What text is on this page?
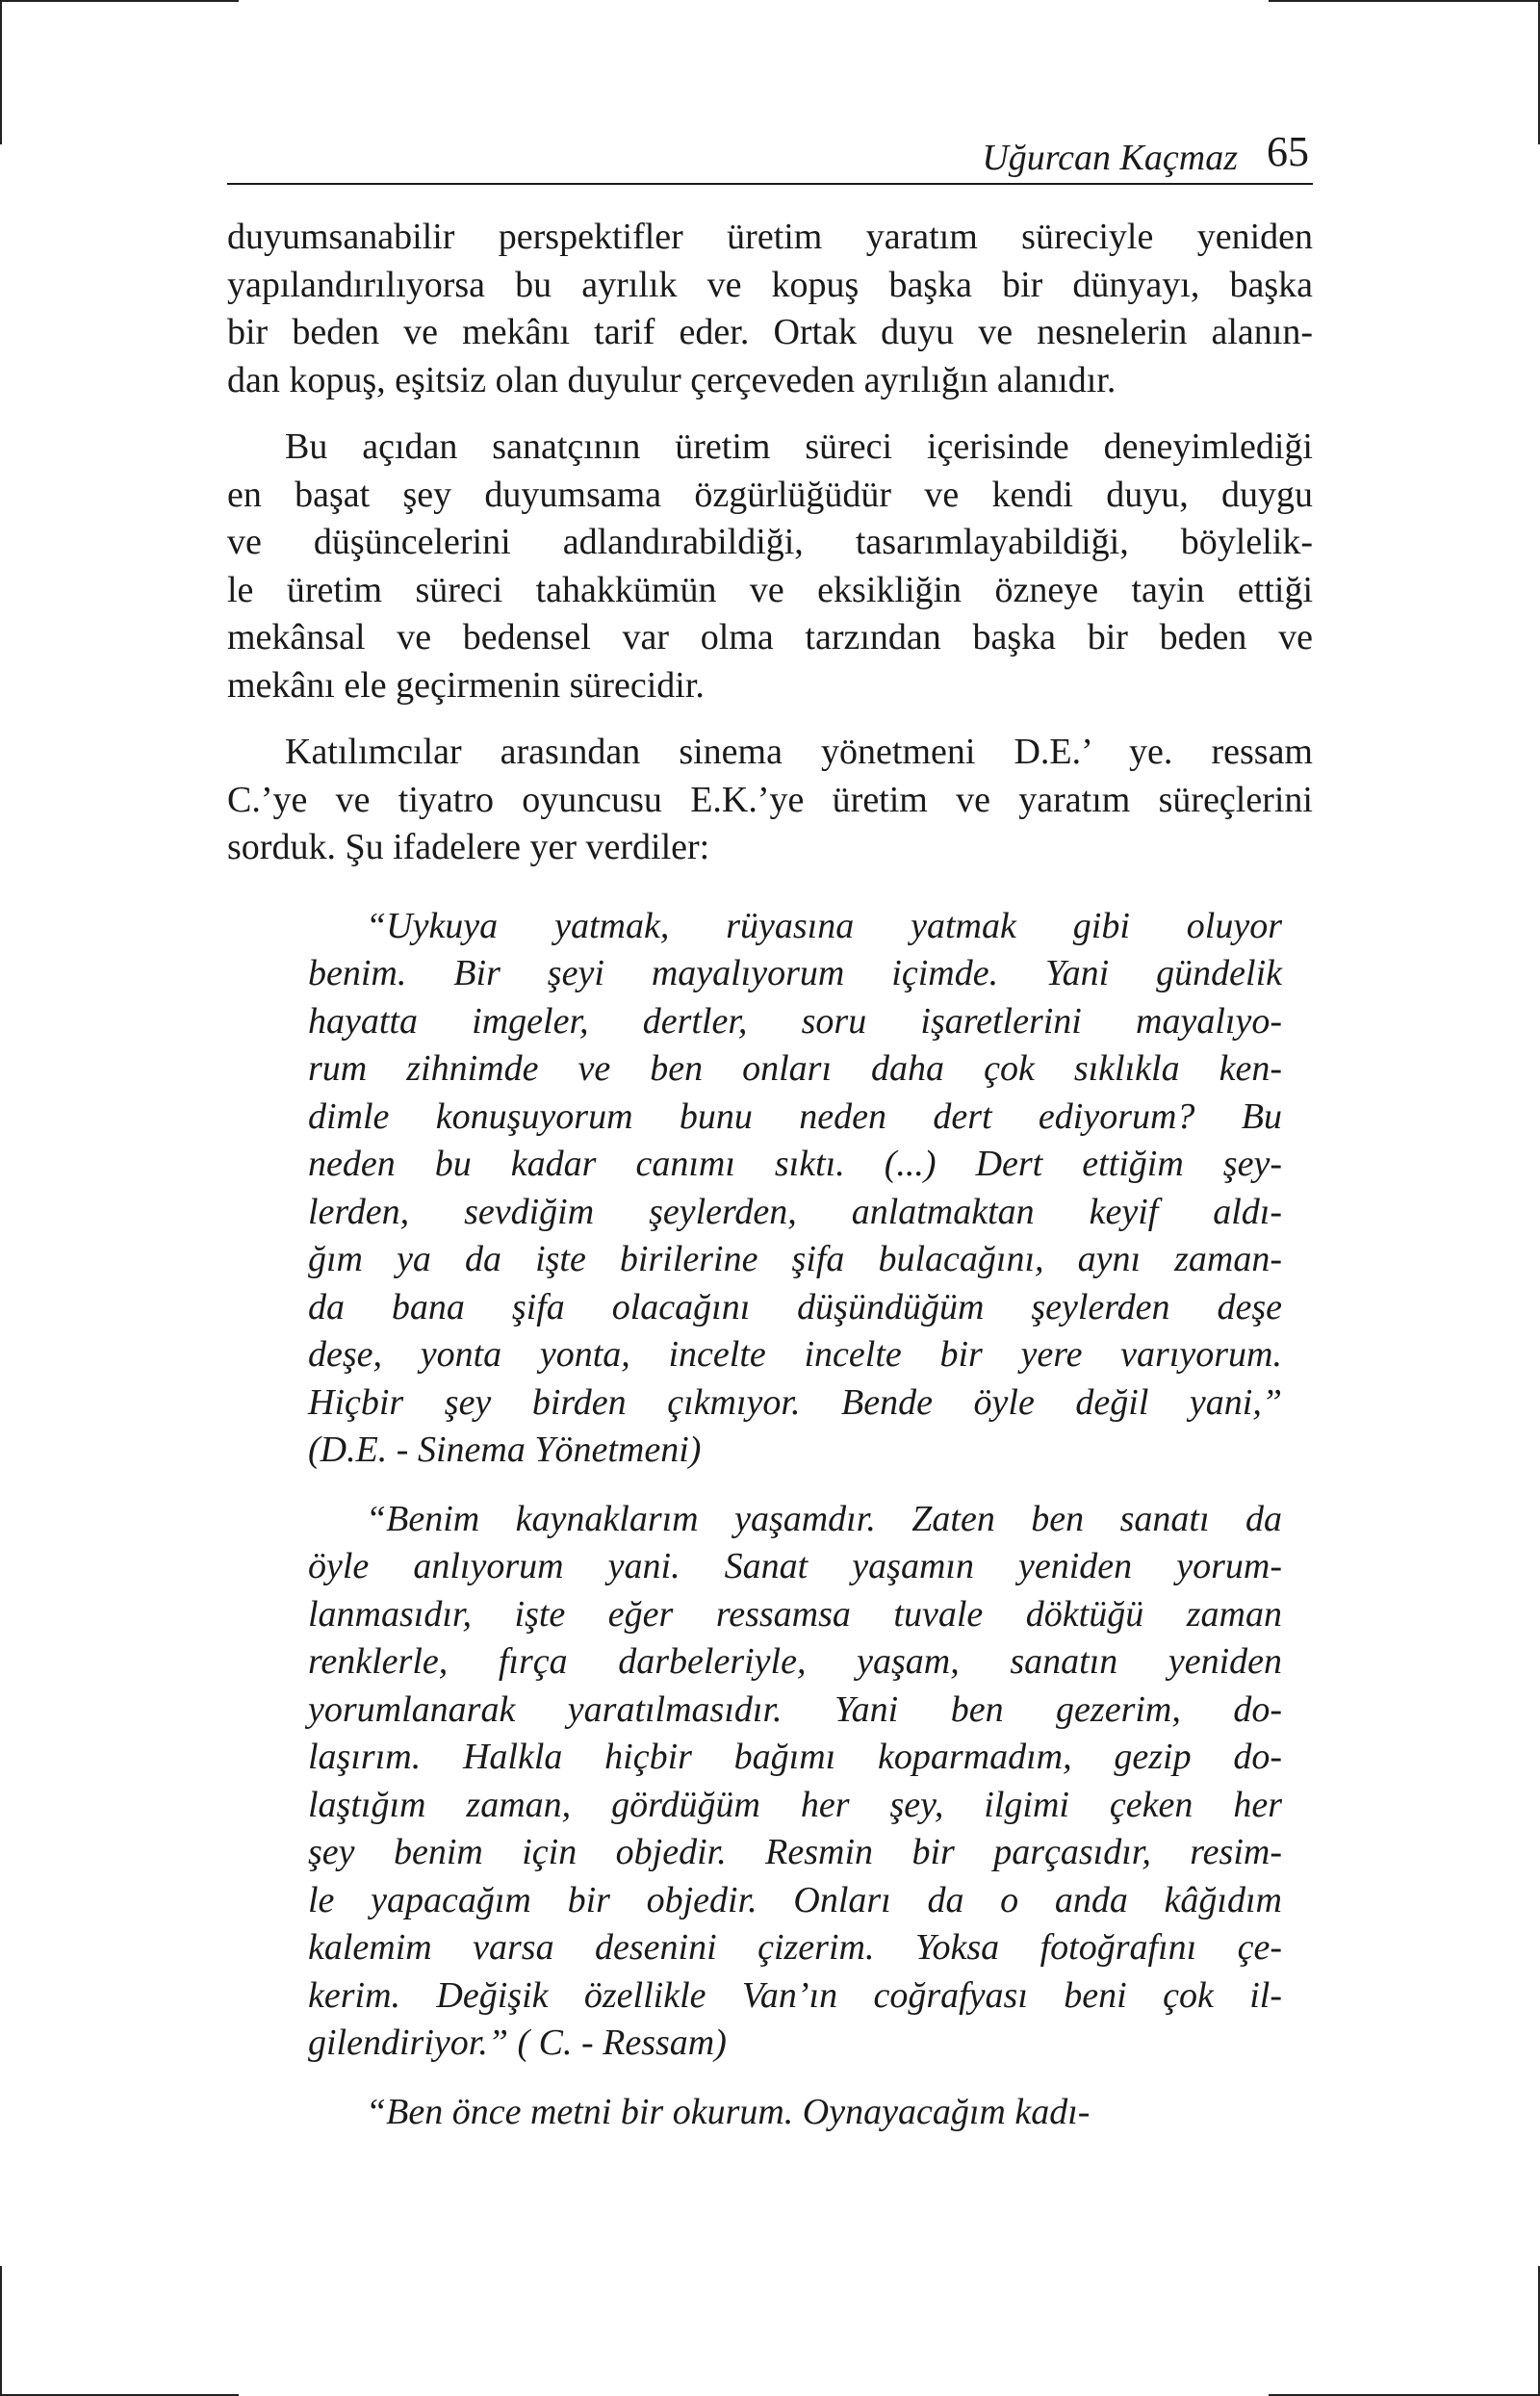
Uğurcan Kaçmaz 65
duyumsanabilir perspektifler üretim yaratım süreciyle yeniden
yapılandırılıyorsa bu ayrılık ve kopuş başka bir dünyayı, başka
bir beden ve mekânı tarif eder. Ortak duyu ve nesnelerin alanın-
dan kopuş, eşitsiz olan duyulur çerçeveden ayrılığın alanıdır.
Bu açıdan sanatçının üretim süreci içerisinde deneyimlediği
en başat şey duyumsama özgürlüğüdür ve kendi duyu, duygu
ve düşüncelerini adlandırabildiği, tasarımlayabildiği, böylelik-
le üretim süreci tahakkümün ve eksikliğin özneye tayin ettiği
mekânsal ve bedensel var olma tarzından başka bir beden ve
mekânı ele geçirmenin sürecidir.
Katılımcılar arasından sinema yönetmeni D.E.’ ye. ressam
C.’ye ve tiyatro oyuncusu E.K.’ye üretim ve yaratım süreçlerini
sorduk. Şu ifadelere yer verdiler:
“Uykuya yatmak, rüyasına yatmak gibi oluyor
benim. Bir şeyi mayalıyorum içimde. Yani gündelik
hayatta imgeler, dertler, soru işaretlerini mayalıyo-
rum zihnimde ve ben onları daha çok sıklıkla ken-
dimle konuşuyorum bunu neden dert ediyorum? Bu
neden bu kadar canımı sıktı. (...) Dert ettiğim şey-
lerden, sevdiğim şeylerden, anlatmaktan keyif aldı-
ğım ya da işte birilerine şifa bulacağını, aynı zaman-
da bana şifa olacağını düşündüğüm şeylerden deşe
deşe, yonta yonta, incelte incelte bir yere varıyorum.
Hiçbir şey birden çıkmıyor. Bende öyle değil yani,”
(D.E. - Sinema Yönetmeni)
“Benim kaynaklarım yaşamdır. Zaten ben sanatı da
öyle anlıyorum yani. Sanat yaşamın yeniden yorum-
lanmasıdır, işte eğer ressamsa tuvale döktüğü zaman
renklerle, fırça darbeleriyle, yaşam, sanatın yeniden
yorumlanarak yaratılmasıdır. Yani ben gezerim, do-
laşırım. Halkla hiçbir bağımı koparmadım, gezip do-
laştığım zaman, gördüğüm her şey, ilgimi çeken her
şey benim için objedir. Resmin bir parçasıdır, resim-
le yapacağım bir objedir. Onları da o anda kâğıdım
kalemim varsa desenini çizerim. Yoksa fotoğrafını çe-
kerim. Değişik özellikle Van’ın coğrafyası beni çok il-
gilendiriyor.” ( C. - Ressam)
“Ben önce metni bir okurum. Oynayacağım kadı-
